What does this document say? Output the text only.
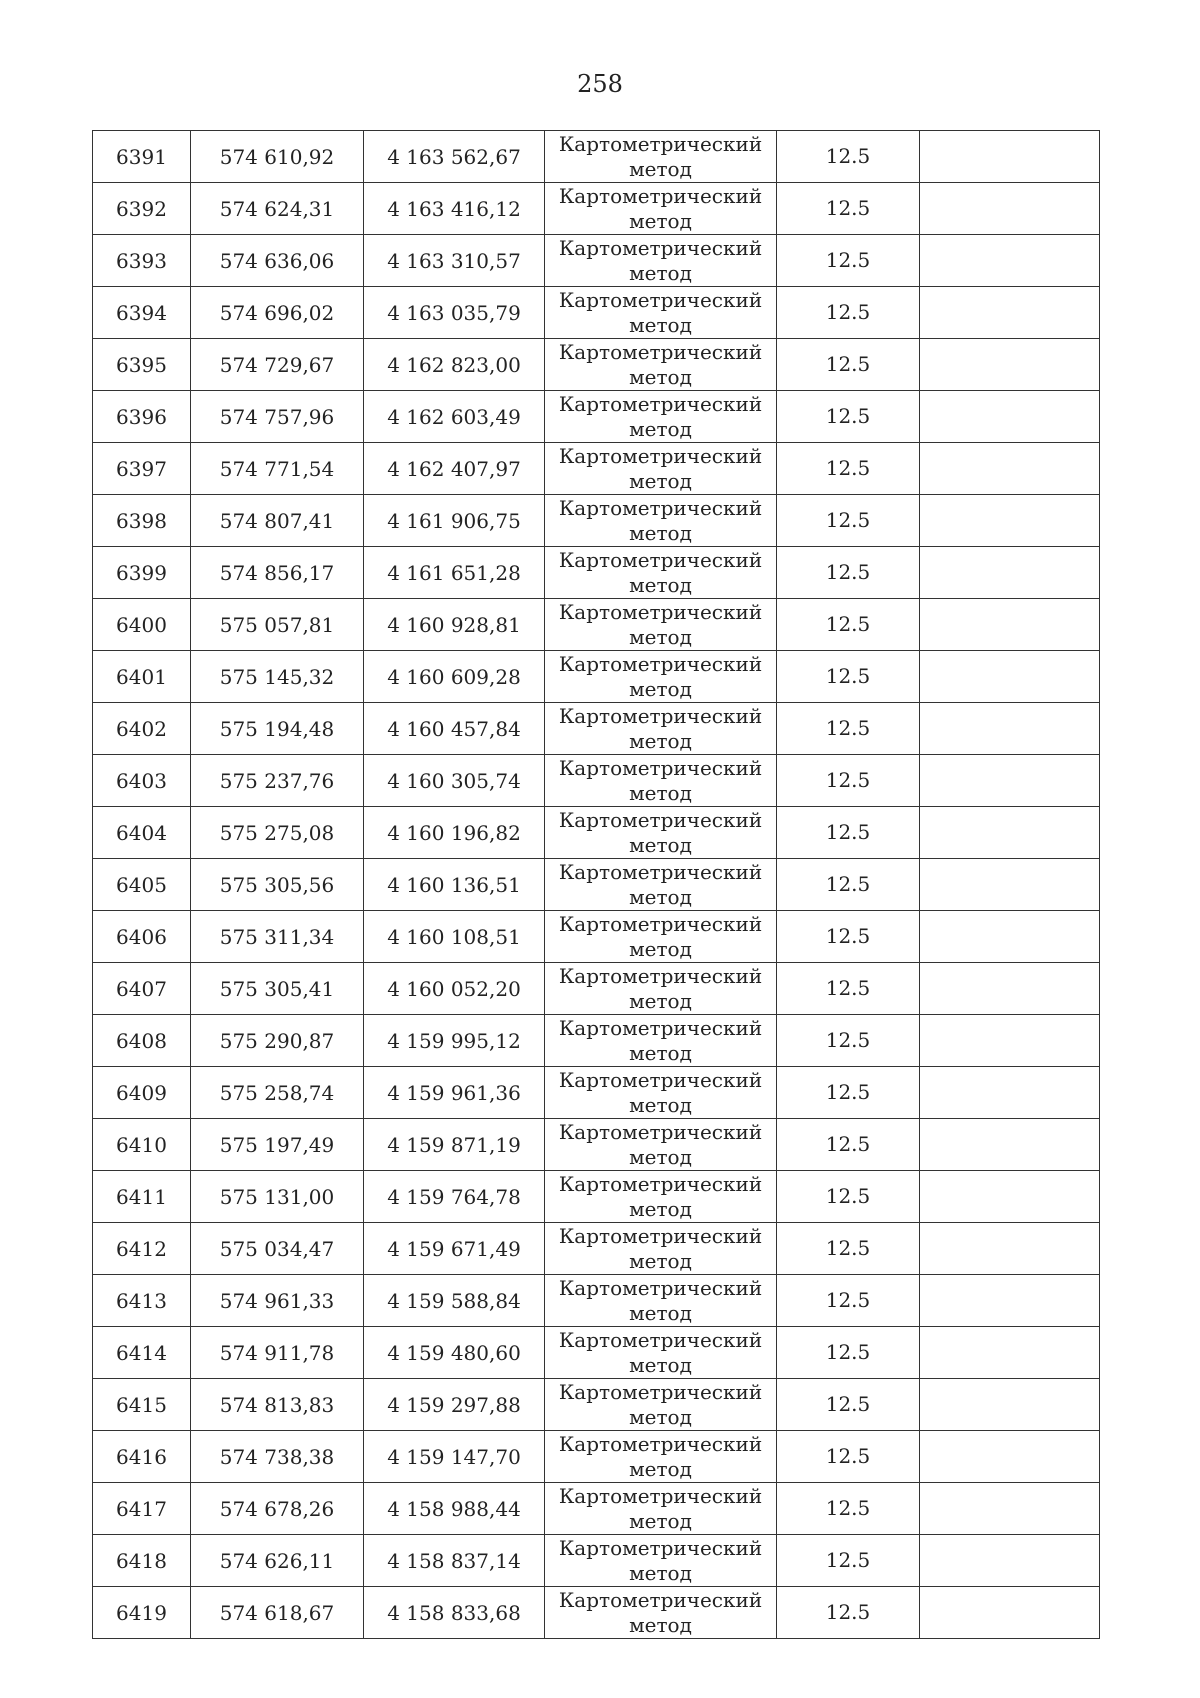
258
6391	574 610,92	4 163 562,67	Картометрический
метод	12.5	
6392	574 624,31	4 163 416,12	Картометрический
метод	12.5	
6393	574 636,06	4 163 310,57	Картометрический
метод	12.5	
6394	574 696,02	4 163 035,79	Картометрический
метод	12.5	
6395	574 729,67	4 162 823,00	Картометрический
метод	12.5	
6396	574 757,96	4 162 603,49	Картометрический
метод	12.5	
6397	574 771,54	4 162 407,97	Картометрический
метод	12.5	
6398	574 807,41	4 161 906,75	Картометрический
метод	12.5	
6399	574 856,17	4 161 651,28	Картометрический
метод	12.5	
6400	575 057,81	4 160 928,81	Картометрический
метод	12.5	
6401	575 145,32	4 160 609,28	Картометрический
метод	12.5	
6402	575 194,48	4 160 457,84	Картометрический
метод	12.5	
6403	575 237,76	4 160 305,74	Картометрический
метод	12.5	
6404	575 275,08	4 160 196,82	Картометрический
метод	12.5	
6405	575 305,56	4 160 136,51	Картометрический
метод	12.5	
6406	575 311,34	4 160 108,51	Картометрический
метод	12.5	
6407	575 305,41	4 160 052,20	Картометрический
метод	12.5	
6408	575 290,87	4 159 995,12	Картометрический
метод	12.5	
6409	575 258,74	4 159 961,36	Картометрический
метод	12.5	
6410	575 197,49	4 159 871,19	Картометрический
метод	12.5	
6411	575 131,00	4 159 764,78	Картометрический
метод	12.5	
6412	575 034,47	4 159 671,49	Картометрический
метод	12.5	
6413	574 961,33	4 159 588,84	Картометрический
метод	12.5	
6414	574 911,78	4 159 480,60	Картометрический
метод	12.5	
6415	574 813,83	4 159 297,88	Картометрический
метод	12.5	
6416	574 738,38	4 159 147,70	Картометрический
метод	12.5	
6417	574 678,26	4 158 988,44	Картометрический
метод	12.5	
6418	574 626,11	4 158 837,14	Картометрический
метод	12.5	
6419	574 618,67	4 158 833,68	Картометрический
метод	12.5	
